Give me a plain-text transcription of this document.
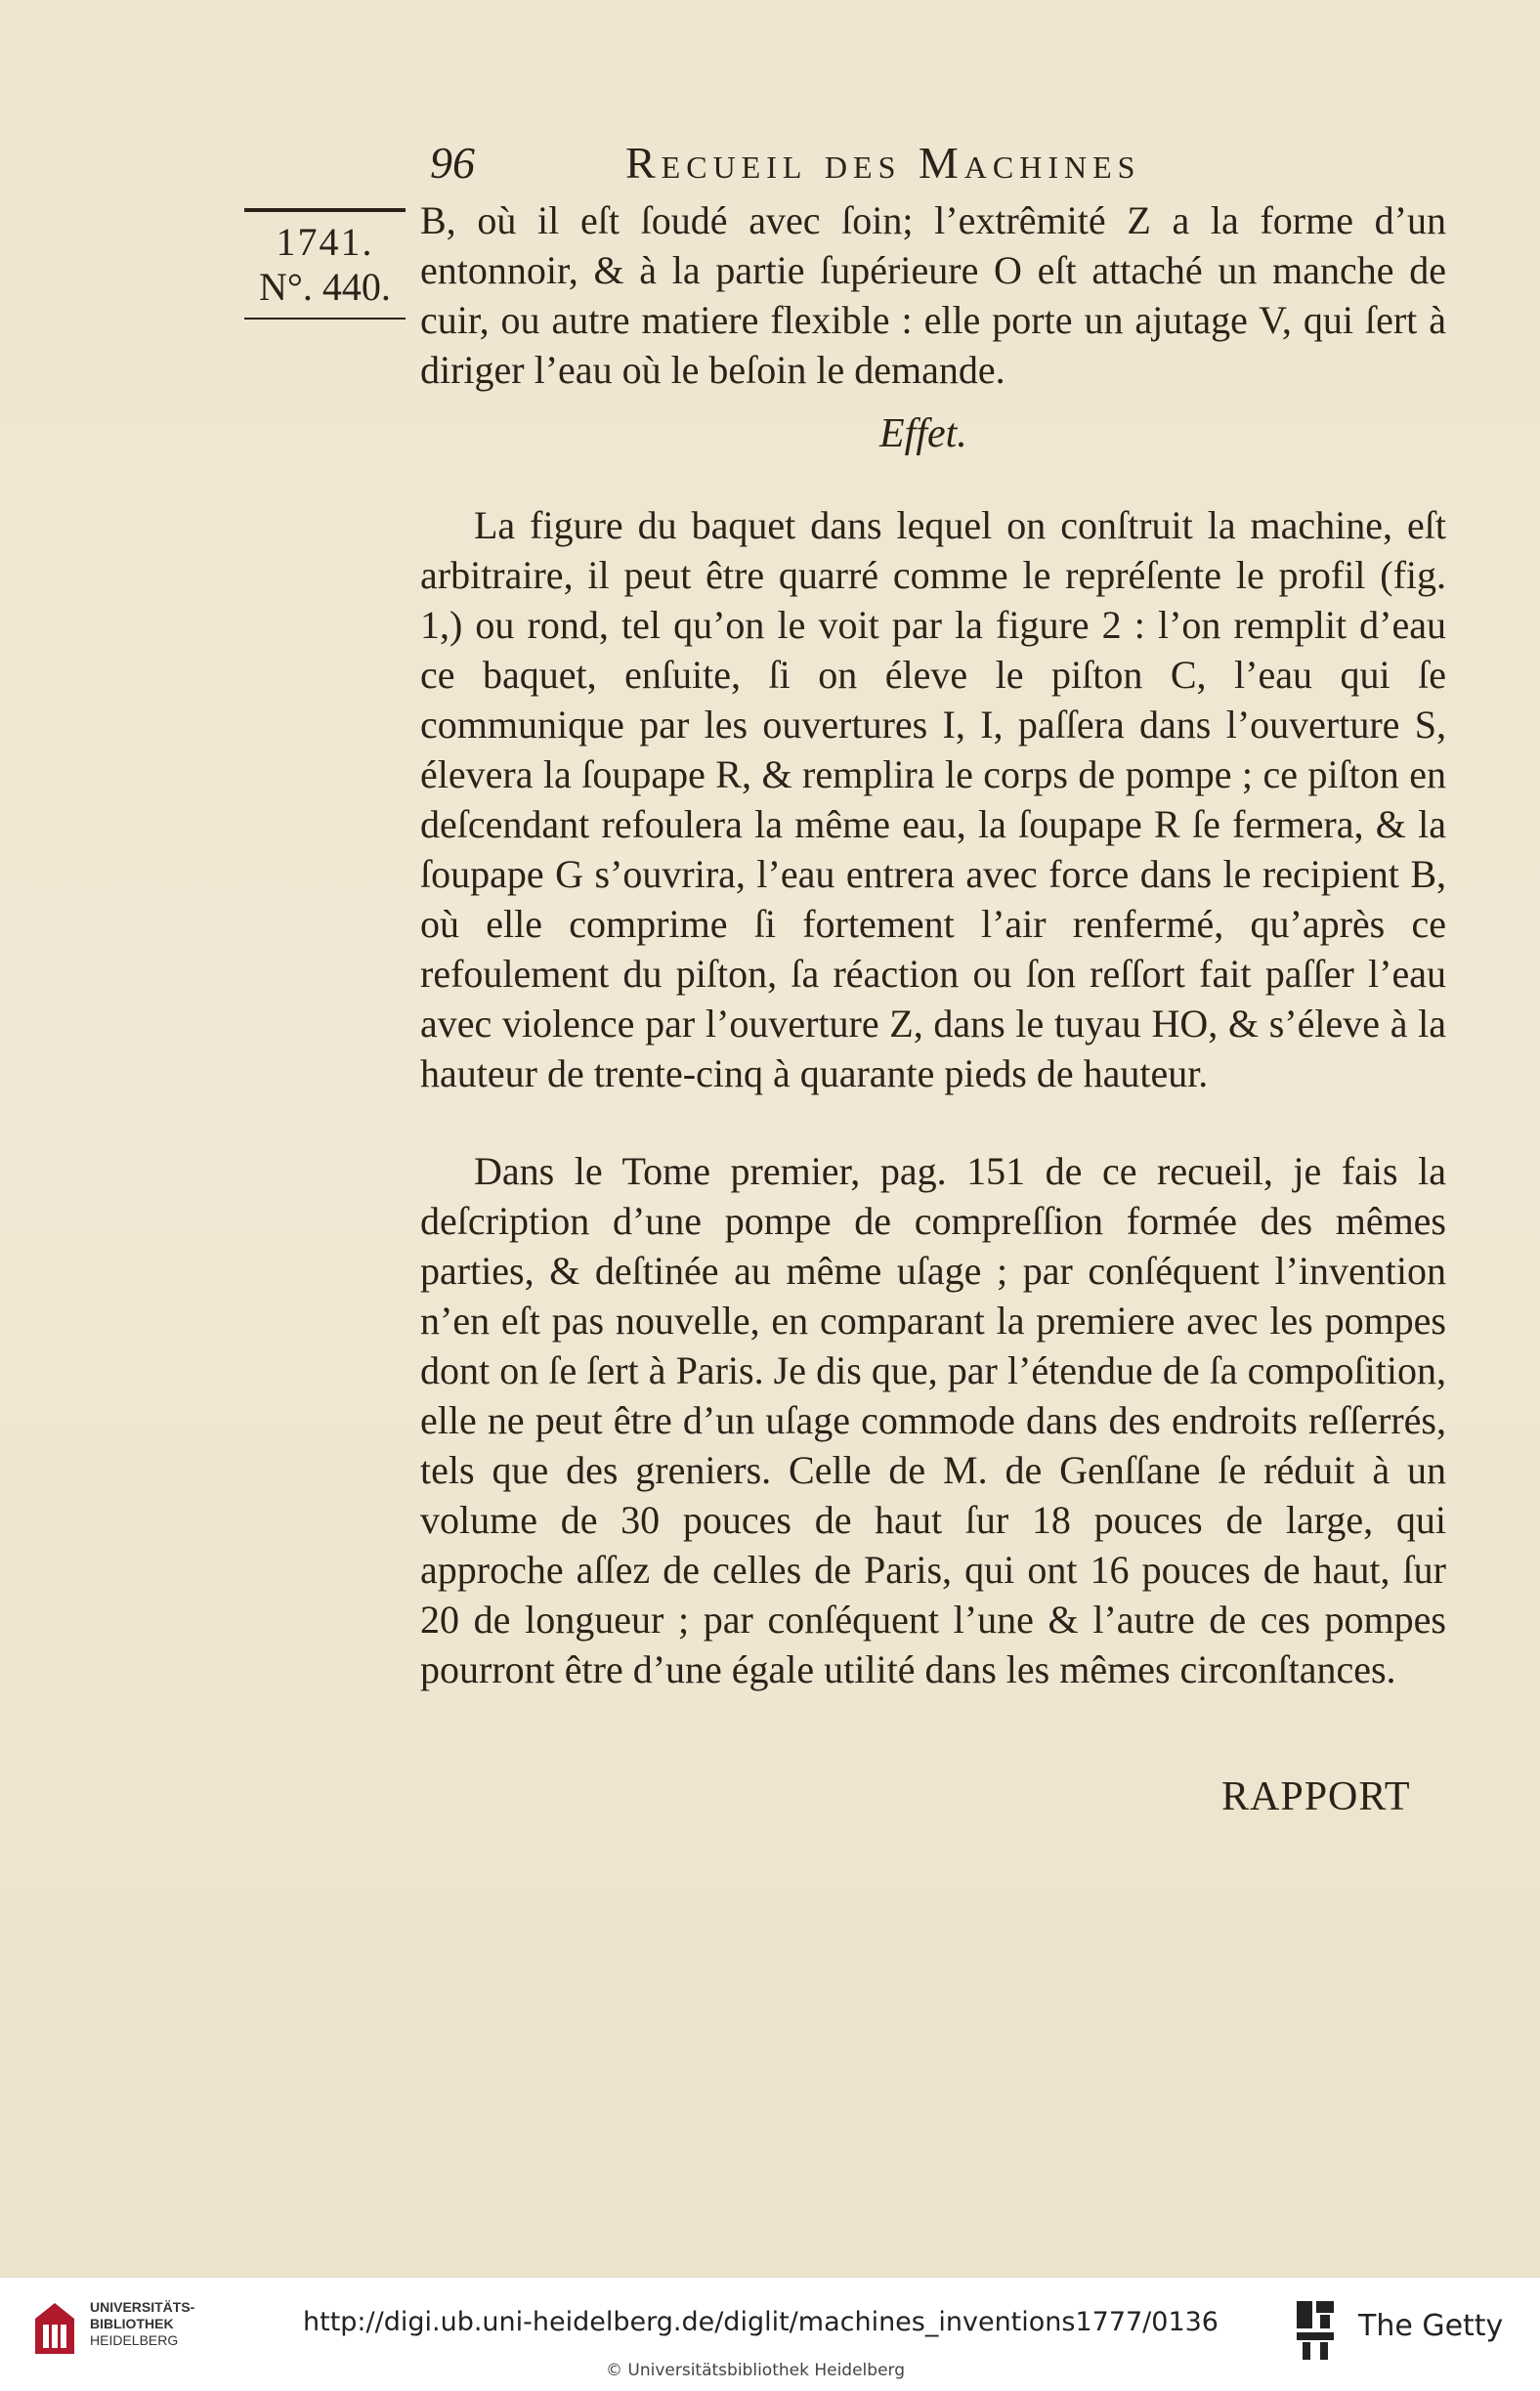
96	Recueil des Machines
1741.
N°. 440.

B, où il eſt ſoudé avec ſoin; l’extrêmité Z a la forme d’un entonnoir, & à la partie ſupérieure O eſt attaché un manche de cuir, ou autre matiere flexible : elle porte un ajutage V, qui ſert à diriger l’eau où le beſoin le demande.

Effet.

La figure du baquet dans lequel on conſtruit la machine, eſt arbitraire, il peut être quarré comme le repréſente le profil (fig. 1,) ou rond, tel qu’on le voit par la figure 2 : l’on remplit d’eau ce baquet, enſuite, ſi on éleve le piſton C, l’eau qui ſe communique par les ouvertures I, I, paſſera dans l’ouverture S, élevera la ſoupape R, & remplira le corps de pompe ; ce piſton en deſcendant refoulera la même eau, la ſoupape R ſe fermera, & la ſoupape G s’ouvrira, l’eau entrera avec force dans le recipient B, où elle comprime ſi fortement l’air renfermé, qu’après ce refoulement du piſton, ſa réaction ou ſon reſſort fait paſſer l’eau avec violence par l’ouverture Z, dans le tuyau HO, & s’éleve à la hauteur de trente-cinq à quarante pieds de hauteur.

Dans le Tome premier, pag. 151 de ce recueil, je fais la deſcription d’une pompe de compreſſion formée des mêmes parties, & deſtinée au même uſage ; par conſéquent l’invention n’en eſt pas nouvelle, en comparant la premiere avec les pompes dont on ſe ſert à Paris. Je dis que, par l’étendue de ſa compoſition, elle ne peut être d’un uſage commode dans des endroits reſſerrés, tels que des greniers. Celle de M. de Genſſane ſe réduit à un volume de 30 pouces de haut ſur 18 pouces de large, qui approche aſſez de celles de Paris, qui ont 16 pouces de haut, ſur 20 de longueur ; par conſéquent l’une & l’autre de ces pompes pourront être d’une égale utilité dans les mêmes circonſtances.

RAPPORT
UNIVERSITÄTS-
BIBLIOTHEK
HEIDELBERG
http://digi.ub.uni-heidelberg.de/diglit/machines_inventions1777/0136
© Universitätsbibliothek Heidelberg
The Getty
